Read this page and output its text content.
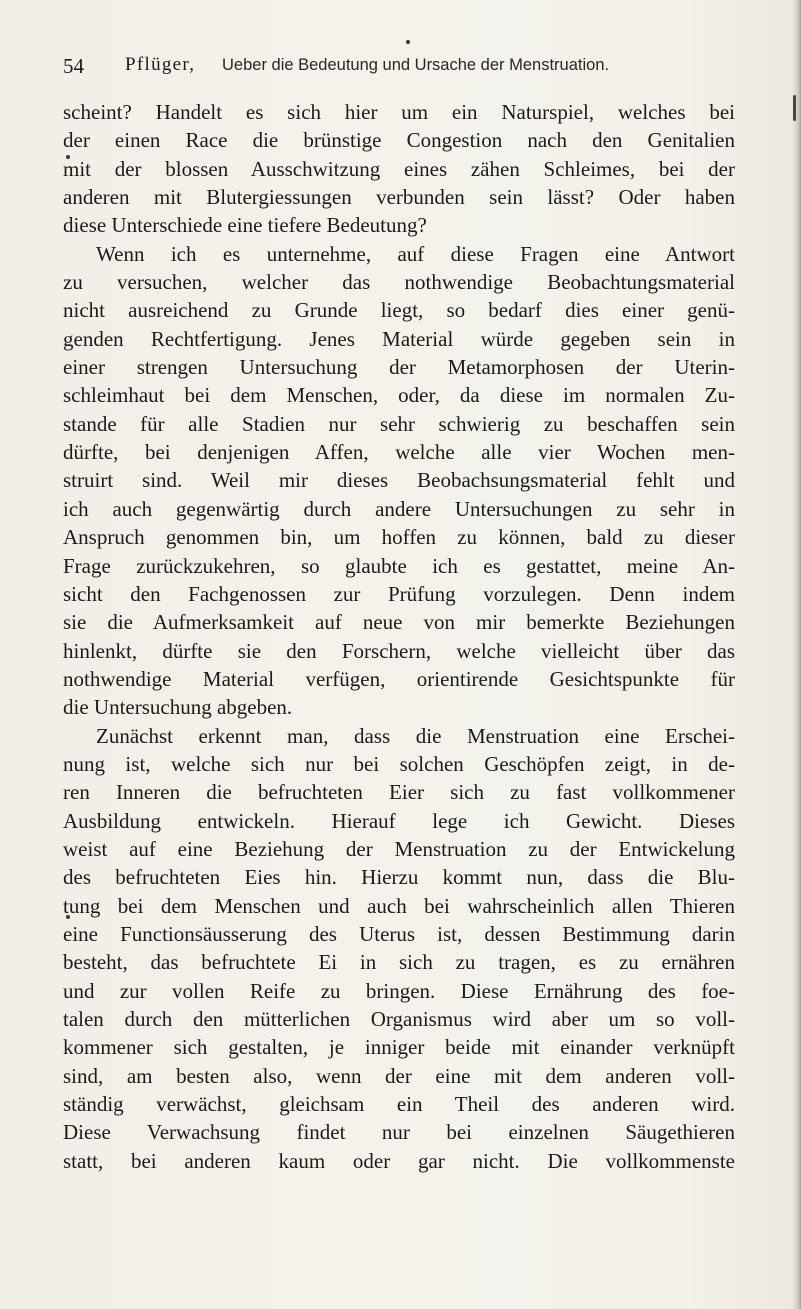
54 Pflüger, Ueber die Bedeutung und Ursache der Menstruation.
scheint? Handelt es sich hier um ein Naturspiel, welches bei
der einen Race die brünstige Congestion nach den Genitalien
mit der blossen Ausschwitzung eines zähen Schleimes, bei der
anderen mit Blutergiessungen verbunden sein lässt? Oder haben
diese Unterschiede eine tiefere Bedeutung?
Wenn ich es unternehme, auf diese Fragen eine Antwort
zu versuchen, welcher das nothwendige Beobachtungsmaterial
nicht ausreichend zu Grunde liegt, so bedarf dies einer genü-
genden Rechtfertigung. Jenes Material würde gegeben sein in
einer strengen Untersuchung der Metamorphosen der Uterin-
schleimhaut bei dem Menschen, oder, da diese im normalen Zu-
stande für alle Stadien nur sehr schwierig zu beschaffen sein
dürfte, bei denjenigen Affen, welche alle vier Wochen men-
struirt sind. Weil mir dieses Beobachsungsmaterial fehlt und
ich auch gegenwärtig durch andere Untersuchungen zu sehr in
Anspruch genommen bin, um hoffen zu können, bald zu dieser
Frage zurückzukehren, so glaubte ich es gestattet, meine An-
sicht den Fachgenossen zur Prüfung vorzulegen. Denn indem
sie die Aufmerksamkeit auf neue von mir bemerkte Beziehungen
hinlenkt, dürfte sie den Forschern, welche vielleicht über das
nothwendige Material verfügen, orientirende Gesichtspunkte für
die Untersuchung abgeben.
Zunächst erkennt man, dass die Menstruation eine Erschei-
nung ist, welche sich nur bei solchen Geschöpfen zeigt, in de-
ren Inneren die befruchteten Eier sich zu fast vollkommener
Ausbildung entwickeln. Hierauf lege ich Gewicht. Dieses
weist auf eine Beziehung der Menstruation zu der Entwickelung
des befruchteten Eies hin. Hierzu kommt nun, dass die Blu-
tung bei dem Menschen und auch bei wahrscheinlich allen Thieren
eine Functionsäusserung des Uterus ist, dessen Bestimmung darin
besteht, das befruchtete Ei in sich zu tragen, es zu ernähren
und zur vollen Reife zu bringen. Diese Ernährung des foe-
talen durch den mütterlichen Organismus wird aber um so voll-
kommener sich gestalten, je inniger beide mit einander verknüpft
sind, am besten also, wenn der eine mit dem anderen voll-
ständig verwächst, gleichsam ein Theil des anderen wird.
Diese Verwachsung findet nur bei einzelnen Säugethieren
statt, bei anderen kaum oder gar nicht. Die vollkommenste
